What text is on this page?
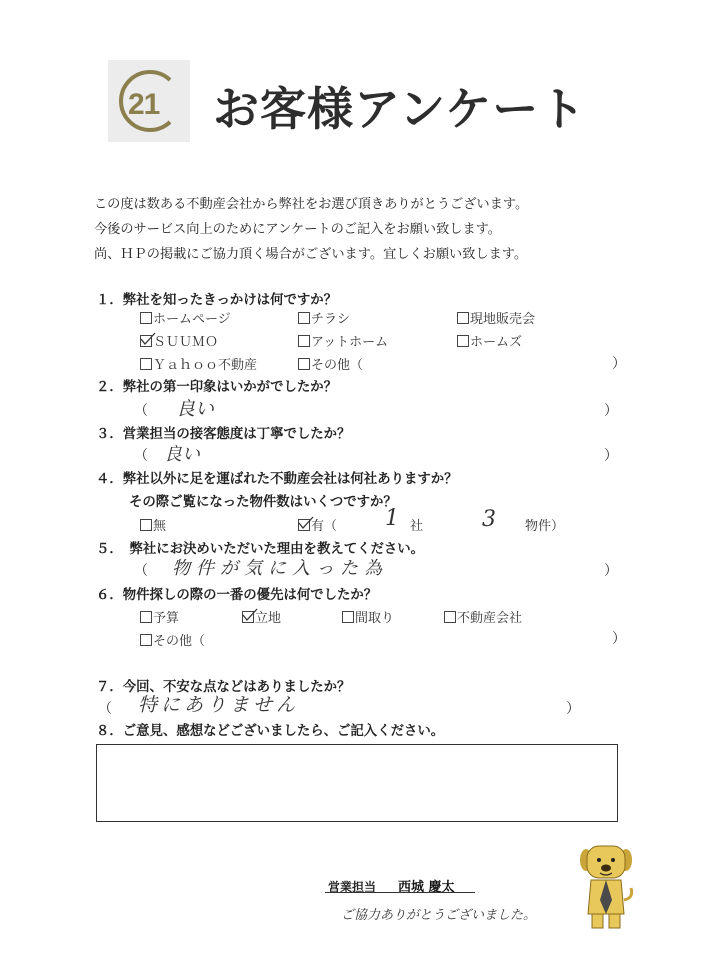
21 お客様アンケート
この度は数ある不動産会社から弊社をお選び頂きありがとうございます。
今後のサービス向上のためにアンケートのご記入をお願い致します。
尚、ＨＰの掲載にご協力頂く場合がございます。宜しくお願い致します。
１．弊社を知ったきっかけは何ですか？
ホームページ	チラシ	現地販売会
ＳＵＵＭＯ	アットホーム	ホームズ
Ｙａｈｏｏ不動産	その他（	）
２．弊社の第一印象はいかがでしたか？
（ 良い	）
３．営業担当の接客態度は丁寧でしたか？
（ 良い	）
４．弊社以外に足を運ばれた不動産会社は何社ありますか？
その際ご覧になった物件数はいくつですか？
無	有（ 1 社	3 物件）
５．　弊社にお決めいただいた理由を教えてください。
（ 物件が気に入った為	）
６．物件探しの際の一番の優先は何でしたか？
予算	立地	間取り	不動産会社
その他（	）
７．今回、不安な点などはありましたか？
（ 特にありません	）
８．ご意見、感想などございましたら、ご記入ください。
営業担当 西城 慶太
ご協力ありがとうございました。
